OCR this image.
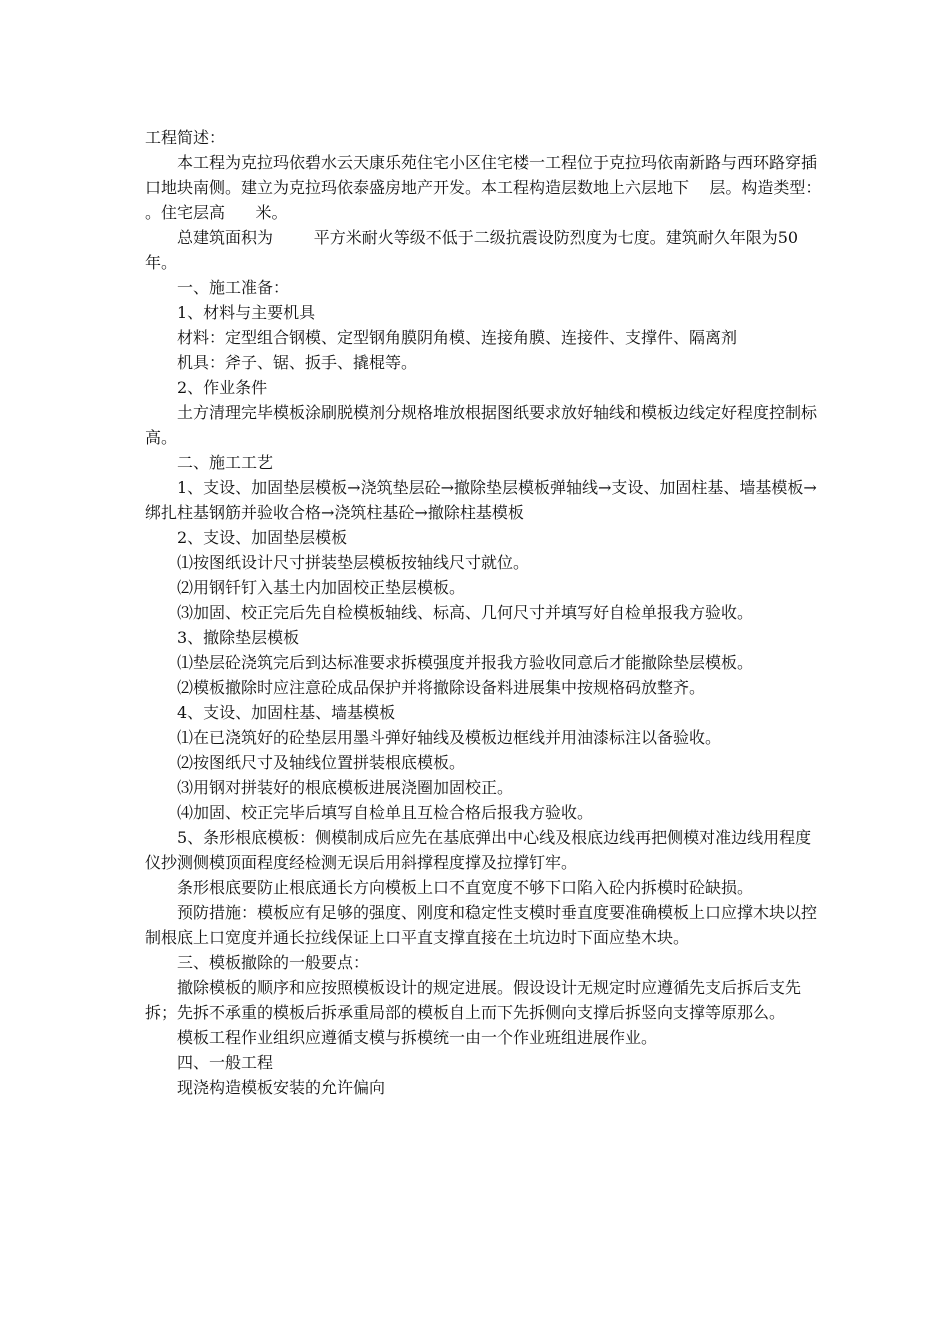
工程简述：

本工程为克拉玛依碧水云天康乐苑住宅小区住宅楼一工程位于克拉玛依南新路与西环路穿插口地块南侧。建立为克拉玛依泰盛房地产开发。本工程构造层数地上六层地下    层。构造类型：        。住宅层高      米。

总建筑面积为        平方米耐火等级不低于二级抗震设防烈度为七度。建筑耐久年限为50年。

一、施工准备：

1、材料与主要机具

材料：定型组合钢模、定型钢角膜阴角模、连接角膜、连接件、支撑件、隔离剂

机具：斧子、锯、扳手、撬棍等。

2、作业条件

土方清理完毕模板涂刷脱模剂分规格堆放根据图纸要求放好轴线和模板边线定好程度控制标高。

二、施工工艺

1、支设、加固垫层模板→浇筑垫层砼→撤除垫层模板弹轴线→支设、加固柱基、墙基模板→绑扎柱基钢筋并验收合格→浇筑柱基砼→撤除柱基模板

2、支设、加固垫层模板

⑴按图纸设计尺寸拼装垫层模板按轴线尺寸就位。

⑵用钢钎钉入基土内加固校正垫层模板。

⑶加固、校正完后先自检模板轴线、标高、几何尺寸并填写好自检单报我方验收。

3、撤除垫层模板

⑴垫层砼浇筑完后到达标准要求拆模强度并报我方验收同意后才能撤除垫层模板。

⑵模板撤除时应注意砼成品保护并将撤除设备料进展集中按规格码放整齐。

4、支设、加固柱基、墙基模板

⑴在已浇筑好的砼垫层用墨斗弹好轴线及模板边框线并用油漆标注以备验收。

⑵按图纸尺寸及轴线位置拼装根底模板。

⑶用钢对拼装好的根底模板进展浇圈加固校正。

⑷加固、校正完毕后填写自检单且互检合格后报我方验收。

5、条形根底模板：侧模制成后应先在基底弹出中心线及根底边线再把侧模对准边线用程度仪抄测侧模顶面程度经检测无误后用斜撑程度撑及拉撑钉牢。

条形根底要防止根底通长方向模板上口不直宽度不够下口陷入砼内拆模时砼缺损。

预防措施：模板应有足够的强度、刚度和稳定性支模时垂直度要准确模板上口应撑木块以控制根底上口宽度并通长拉线保证上口平直支撑直接在土坑边时下面应垫木块。

三、模板撤除的一般要点：

撤除模板的顺序和应按照模板设计的规定进展。假设设计无规定时应遵循先支后拆后支先拆；先拆不承重的模板后拆承重局部的模板自上而下先拆侧向支撑后拆竖向支撑等原那么。

模板工程作业组织应遵循支模与拆模统一由一个作业班组进展作业。

四、一般工程

现浇构造模板安装的允许偏向
